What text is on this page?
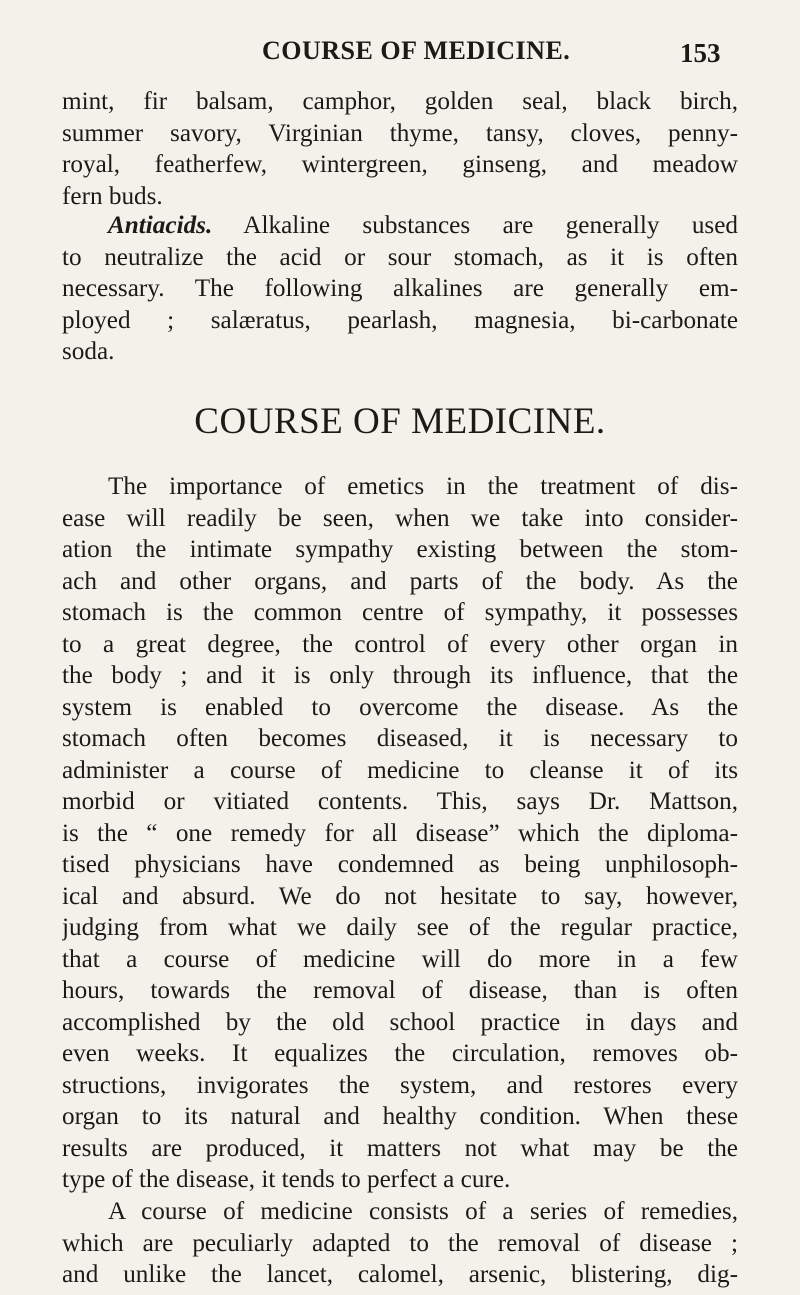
COURSE OF MEDICINE.	153
mint, fir balsam, camphor, golden seal, black birch,
summer savory, Virginian thyme, tansy, cloves, penny-
royal, featherfew, wintergreen, ginseng, and meadow
fern buds.
Antiacids. Alkaline substances are generally used
to neutralize the acid or sour stomach, as it is often
necessary. The following alkalines are generally em-
ployed ; salæratus, pearlash, magnesia, bi-carbonate
soda.
COURSE OF MEDICINE.
The importance of emetics in the treatment of dis-
ease will readily be seen, when we take into consider-
ation the intimate sympathy existing between the stom-
ach and other organs, and parts of the body. As the
stomach is the common centre of sympathy, it possesses
to a great degree, the control of every other organ in
the body ; and it is only through its influence, that the
system is enabled to overcome the disease. As the
stomach often becomes diseased, it is necessary to
administer a course of medicine to cleanse it of its
morbid or vitiated contents. This, says Dr. Mattson,
is the “ one remedy for all disease” which the diploma-
tised physicians have condemned as being unphilosoph-
ical and absurd. We do not hesitate to say, however,
judging from what we daily see of the regular practice,
that a course of medicine will do more in a few
hours, towards the removal of disease, than is often
accomplished by the old school practice in days and
even weeks. It equalizes the circulation, removes ob-
structions, invigorates the system, and restores every
organ to its natural and healthy condition. When these
results are produced, it matters not what may be the
type of the disease, it tends to perfect a cure.
A course of medicine consists of a series of remedies,
which are peculiarly adapted to the removal of disease ;
and unlike the lancet, calomel, arsenic, blistering, dig-
